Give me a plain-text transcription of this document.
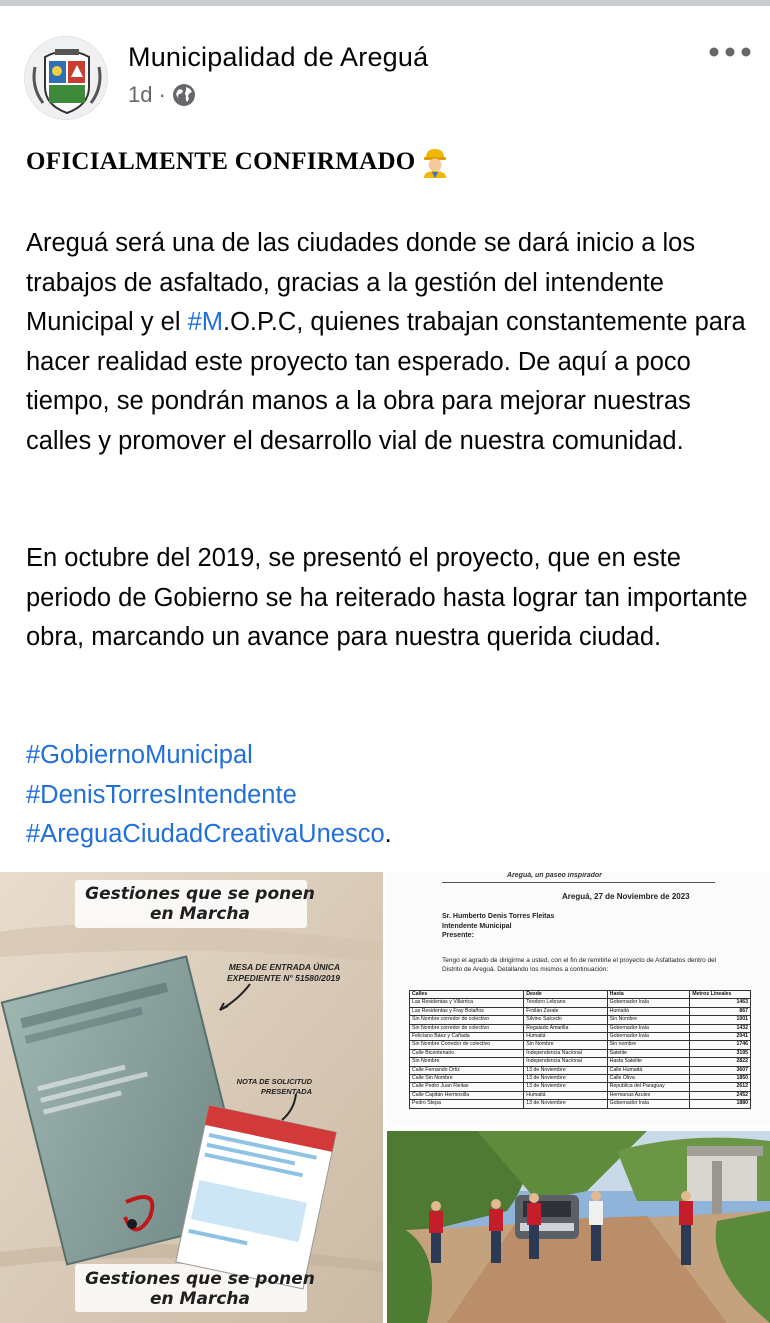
Municipalidad de Areguá
1d ·
OFICIALMENTE CONFIRMADO
Areguá será una de las ciudades donde se dará inicio a los trabajos de asfaltado, gracias a la gestión del intendente Municipal y el #M.O.P.C, quienes trabajan constantemente para hacer realidad este proyecto tan esperado. De aquí a poco tiempo, se pondrán manos a la obra para mejorar nuestras calles y promover el desarrollo vial de nuestra comunidad.
En octubre del 2019, se presentó el proyecto, que en este periodo de Gobierno se ha reiterado hasta lograr tan importante obra, marcando un avance para nuestra querida ciudad.
#GobiernoMunicipal
#DenisTorresIntendente
#AreguaCiudadCreativaUnesco.
Gestiones que se ponen en Marcha
MESA DE ENTRADA ÚNICA EXPEDIENTE N° 51580/2019
NOTA DE SOLICITUD PRESENTADA
Gestiones que se ponen en Marcha
Areguá, un paseo inspirador
Areguá, 27 de Noviembre de 2023
Sr. Humberto Denis Torres Fleitas
Intendente Municipal
Presente:
Tengo el agrado de dirigirme a usted, con el fin de remitirle el proyecto de Asfaltados dentro del Distrito de Areguá. Detallando los mismos a continuación:
Calles	Desde	Hasta	Metros Lineales
Las Residentas y Villarrica	Teodoro Lebrano	Gobernador Irala	1463
Las Residentas y Fray Bolaños	Froilán Zarate	Humaitá	867
Sin Nombre corredor de colectivo	Silvino Salcedo	Sin Nombre	1001
Sin Nombre corredor de colectivo	Regalado Amarilla	Gobernador Irala	1432
Feliciano Báez y Cañada	Humaitá	Gobernador Irala	2041
Sin Nombre Corredor de colectivo	Sin Nombre	Sin nombre	1746
Calle Bicentenario	Independencia Nacional	Satelite	3195
Sin Nombre	Independencia Nacional	Hasta Satelite	2822
Calle Fernando Ortiz	13 de Noviembre	Calle Humaitá	3607
Calle Sin Nombre	13 de Noviembre	Calle Oliva	1850
Calle Pedro Juan Fleitas	13 de Noviembre	Republica del Paraguay	2612
Calle Capitán Hermosilla	Humaitá	Hermanas Azules	2452
Pedro Stepa	13 de Noviembre	Gobernador Irala	1880
